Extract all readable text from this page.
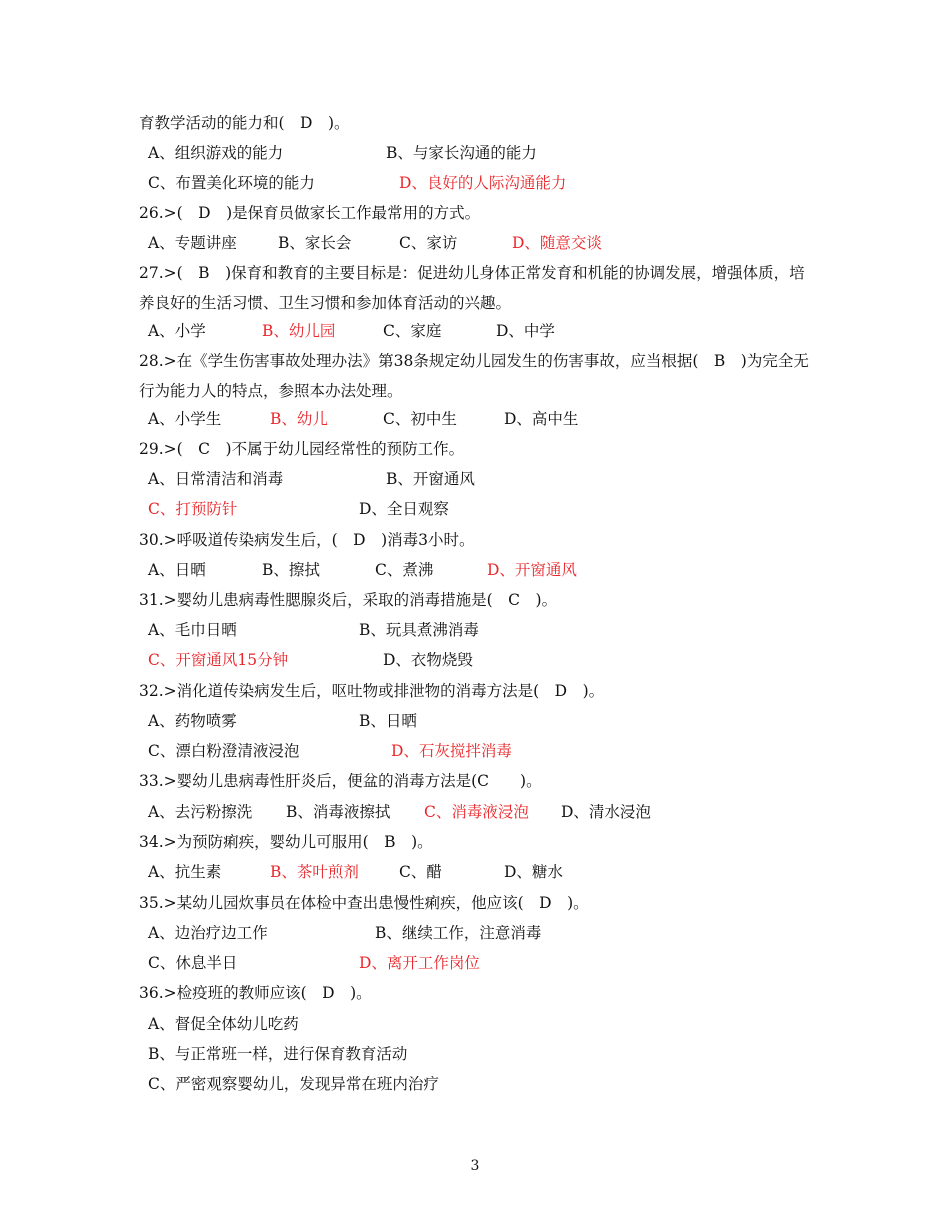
育教学活动的能力和(　D　)。
A、组织游戏的能力	B、与家长沟通的能力
C、布置美化环境的能力	D、良好的人际沟通能力
26.>(　D　)是保育员做家长工作最常用的方式。
A、专题讲座	B、家长会	C、家访	D、随意交谈
27.>(　B　)保育和教育的主要目标是：促进幼儿身体正常发育和机能的协调发展，增强体质，培
养良好的生活习惯、卫生习惯和参加体育活动的兴趣。
A、小学	B、幼儿园	C、家庭	D、中学
28.>在《学生伤害事故处理办法》第38条规定幼儿园发生的伤害事故，应当根据(　B　)为完全无
行为能力人的特点，参照本办法处理。
A、小学生	B、幼儿	C、初中生	D、高中生
29.>(　C　)不属于幼儿园经常性的预防工作。
A、日常清洁和消毒	B、开窗通风
C、打预防针	D、全日观察
30.>呼吸道传染病发生后，(　D　)消毒3小时。
A、日晒	B、擦拭	C、煮沸	D、开窗通风
31.>婴幼儿患病毒性腮腺炎后，采取的消毒措施是(　C　)。
A、毛巾日晒	B、玩具煮沸消毒
C、开窗通风15分钟	D、衣物烧毁
32.>消化道传染病发生后，呕吐物或排泄物的消毒方法是(　D　)。
A、药物喷雾	B、日晒
C、漂白粉澄清液浸泡	D、石灰搅拌消毒
33.>婴幼儿患病毒性肝炎后，便盆的消毒方法是(C　　)。
A、去污粉擦洗 B、消毒液擦拭 C、消毒液浸泡 D、清水浸泡
34.>为预防痢疾，婴幼儿可服用(　B　)。
A、抗生素	B、茶叶煎剂	C、醋	D、糖水
35.>某幼儿园炊事员在体检中查出患慢性痢疾，他应该(　D　)。
A、边治疗边工作	B、继续工作，注意消毒
C、休息半日	D、离开工作岗位
36.>检疫班的教师应该(　D　)。
A、督促全体幼儿吃药
B、与正常班一样，进行保育教育活动
C、严密观察婴幼儿，发现异常在班内治疗
3
